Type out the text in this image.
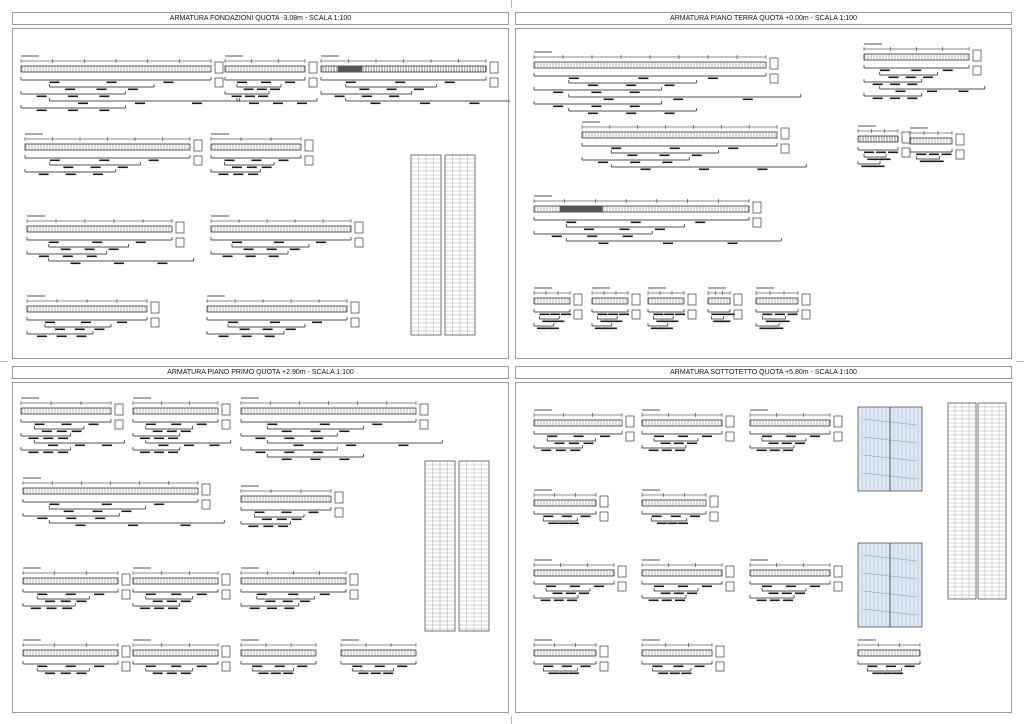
ARMATURA FONDAZIONI QUOTA -3.08m - SCALA 1:100	ARMATURA PIANO TERRA QUOTA +0.00m - SCALA 1:100
ARMATURA PIANO PRIMO QUOTA +2.90m - SCALA 1:100	ARMATURA SOTTOTETTO QUOTA +5.80m - SCALA 1:100
